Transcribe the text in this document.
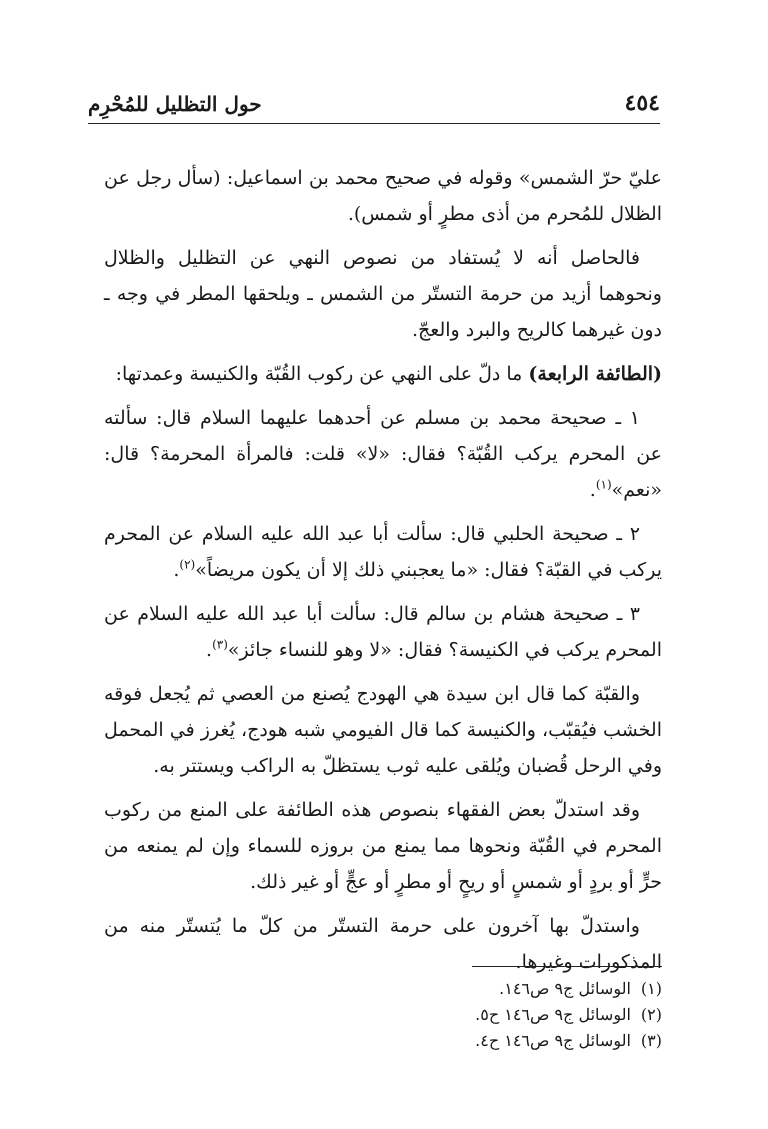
٤٥٤
حول التظليل للمُحْرِم

عليّ حرّ الشمس» وقوله في صحيح محمد بن اسماعيل: (سأل رجل عن الظلال للمُحرم من أذى مطرٍ أو شمس).

فالحاصل أنه لا يُستفاد من نصوص النهي عن التظليل والظلال ونحوهما أزيد من حرمة التستّر من الشمس ـ ويلحقها المطر في وجه ـ دون غيرهما كالريح والبرد والعجّ.

(الطائفة الرابعة) ما دلّ على النهي عن ركوب القُبّة والكنيسة وعمدتها:

١ ـ صحيحة محمد بن مسلم عن أحدهما عليهما السلام قال: سألته عن المحرم يركب القُبّة؟ فقال: «لا» قلت: فالمرأة المحرمة؟ قال: «نعم»$^{(١)}$.

٢ ـ صحيحة الحلبي قال: سألت أبا عبد الله عليه السلام عن المحرم يركب في القبّة؟ فقال: «ما يعجبني ذلك إلا أن يكون مريضاً»$^{(٢)}$.

٣ ـ صحيحة هشام بن سالم قال: سألت أبا عبد الله عليه السلام عن المحرم يركب في الكنيسة؟ فقال: «لا وهو للنساء جائز»$^{(٣)}$.

والقبّة كما قال ابن سيدة هي الهودج يُصنع من العصي ثم يُجعل فوقه الخشب فيُقبّب، والكنيسة كما قال الفيومي شبه هودج، يُغرز في المحمل وفي الرحل قُضبان ويُلقى عليه ثوب يستظلّ به الراكب ويستتر به.

وقد استدلّ بعض الفقهاء بنصوص هذه الطائفة على المنع من ركوب المحرم في القُبّة ونحوها مما يمنع من بروزه للسماء وإن لم يمنعه من حرٍّ أو بردٍ أو شمسٍ أو ريحٍ أو مطرٍ أو عجٍّ أو غير ذلك.

واستدلّ بها آخرون على حرمة التستّر من كلّ ما يُتستّر منه من المذكورات وغيرها.

(١)الوسائل ج٩ ص١٤٦.

(٢)الوسائل ج٩ ص١٤٦ ح٥.

(٣)الوسائل ج٩ ص١٤٦ ح٤.
